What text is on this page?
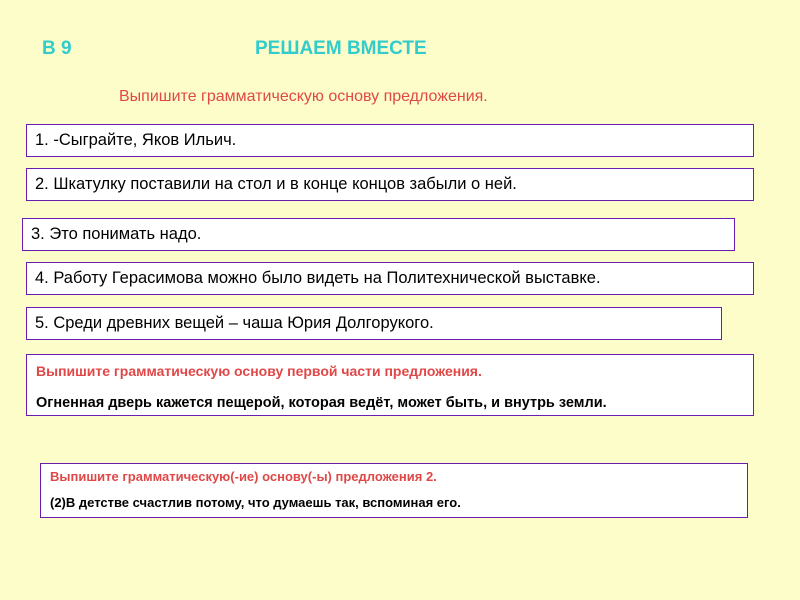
В 9	РЕШАЕМ ВМЕСТЕ
Выпишите грамматическую основу предложения.
1. -Сыграйте, Яков Ильич.
2. Шкатулку поставили на стол и в конце концов забыли о ней.
3. Это понимать надо.
4. Работу Герасимова можно было видеть на Политехнической выставке.
5. Среди древних вещей – чаша Юрия Долгорукого.
Выпишите грамматическую основу первой части предложения.
Огненная дверь кажется пещерой, которая ведёт, может быть, и внутрь земли.
Выпишите грамматическую(-ие) основу(-ы) предложения 2.
(2)В детстве счастлив потому, что думаешь так, вспоминая его.
